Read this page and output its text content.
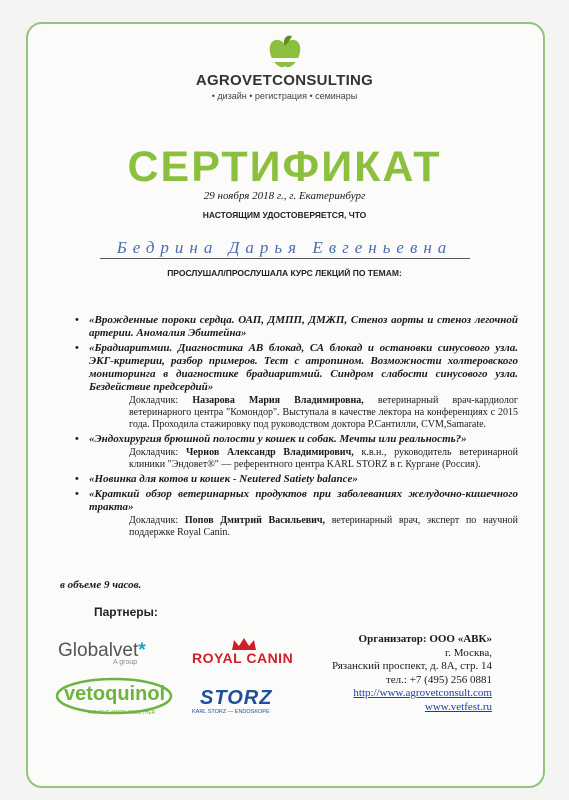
AGROVETCONSULTING
• дизайн • регистрация • семинары
СЕРТИФИКАТ
29 ноября 2018 г., г. Екатеринбург
НАСТОЯЩИМ УДОСТОВЕРЯЕТСЯ, ЧТО
Бедрина Дарья Евгеньевна
ПРОСЛУШАЛ/ПРОСЛУШАЛА КУРС ЛЕКЦИЙ ПО ТЕМАМ:
• «Врожденные пороки сердца. ОАП, ДМПП, ДМЖП, Стеноз аорты и стеноз легочной артерии. Аномалия Эбштейна»
• «Брадиаритмии. Диагностика АВ блокад, СА блокад и остановки синусового узла. ЭКГ-критерии, разбор примеров. Тест с атропином. Возможности холтеровского мониторинга в диагностике брадиаритмий. Синдром слабости синусового узла. Бездействие предсердий»
Докладчик: Назарова Мария Владимировна, ветеринарный врач-кардиолог ветеринарного центра "Комондор". Выступала в качестве лектора на конференциях с 2015 года. Проходила стажировку под руководством доктора Р.Сантилли, CVM,Samarate.
• «Эндохирургия брюшной полости у кошек и собак. Мечты или реальность?»
Докладчик: Чернов Александр Владимирович, к.в.н., руководитель ветеринарной клиники "Эндовет®" — референтного центра KARL STORZ в г. Кургане (Россия).
• «Новинка для котов и кошек - Neutered Satiety balance»
• «Краткий обзор ветеринарных продуктов при заболеваниях желудочно-кишечного тракта»
Докладчик: Попов Дмитрий Васильевич, ветеринарный врач, эксперт по научной поддержке Royal Canin.
в объеме 9 часов.
Партнеры:
Globalvet*
A group	ROYAL CANIN
vetoquinol
ACHIEVE MORE TOGETHER
STORZ
KARL STORZ — ENDOSKOPE
Организатор: ООО «АВК»
г. Москва,
Рязанский проспект, д. 8А, стр. 14
тел.: +7 (495) 256 0881
http://www.agrovetconsult.com
www.vetfest.ru
